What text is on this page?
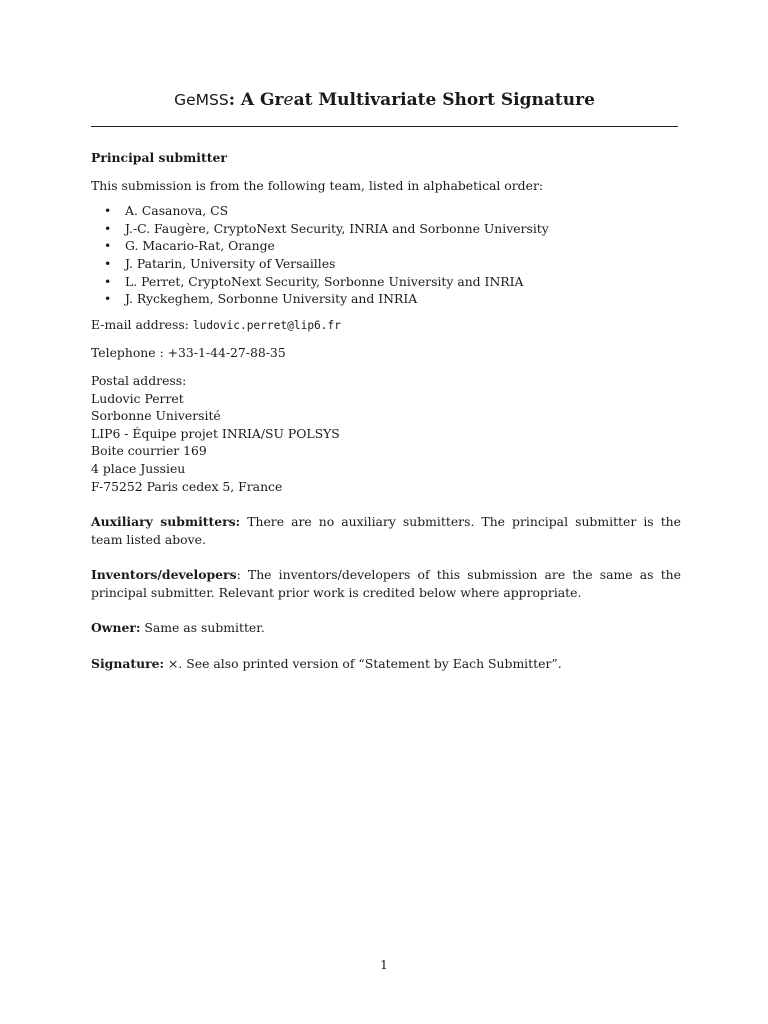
GeMSS: A Great Multivariate Short Signature

Principal submitter

This submission is from the following team, listed in alphabetical order:

• A. Casanova, CS
• J.-C. Faugère, CryptoNext Security, INRIA and Sorbonne University
• G. Macario-Rat, Orange
• J. Patarin, University of Versailles
• L. Perret, CryptoNext Security, Sorbonne University and INRIA
• J. Ryckeghem, Sorbonne University and INRIA

E-mail address: ludovic.perret@lip6.fr

Telephone : +33-1-44-27-88-35

Postal address:
Ludovic Perret
Sorbonne Université
LIP6 - Équipe projet INRIA/SU POLSYS
Boite courrier 169
4 place Jussieu
F-75252 Paris cedex 5, France

Auxiliary submitters: There are no auxiliary submitters. The principal submitter is the team listed above.

Inventors/developers: The inventors/developers of this submission are the same as the principal submitter. Relevant prior work is credited below where appropriate.

Owner: Same as submitter.

Signature: ×. See also printed version of “Statement by Each Submitter”.

1
